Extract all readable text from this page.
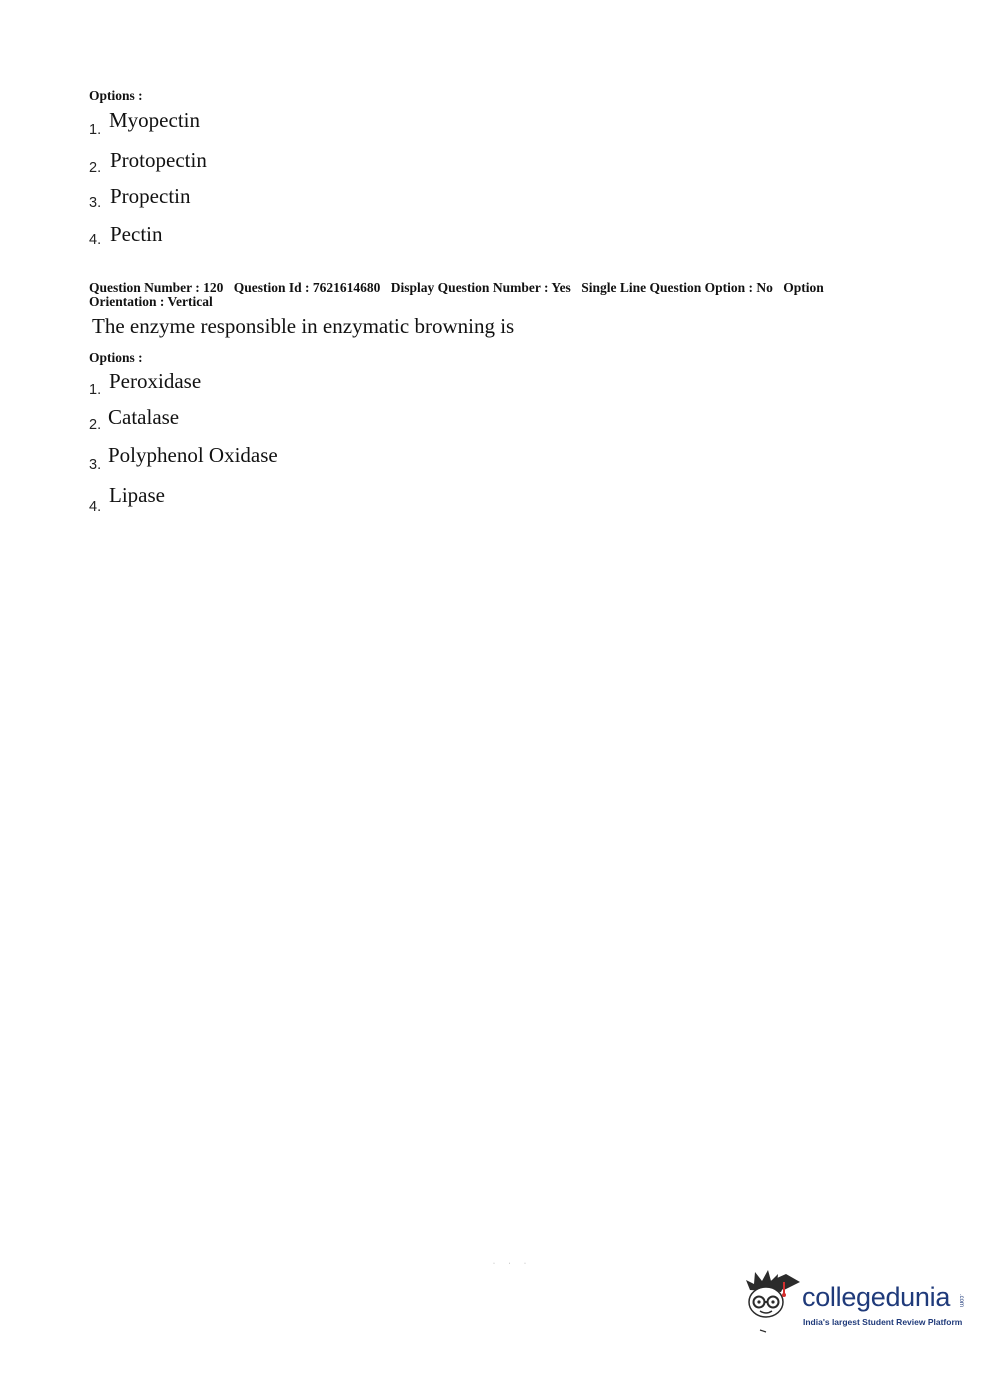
Options :
1. Myopectin
2. Protopectin
3. Propectin
4. Pectin
Question Number : 120 Question Id : 7621614680 Display Question Number : Yes Single Line Question Option : No Option
Orientation : Vertical
The enzyme responsible in enzymatic browning is
Options :
1. Peroxidase
2. Catalase
3. Polyphenol Oxidase
4. Lipase
· · ·
collegedunia .com
India's largest Student Review Platform
